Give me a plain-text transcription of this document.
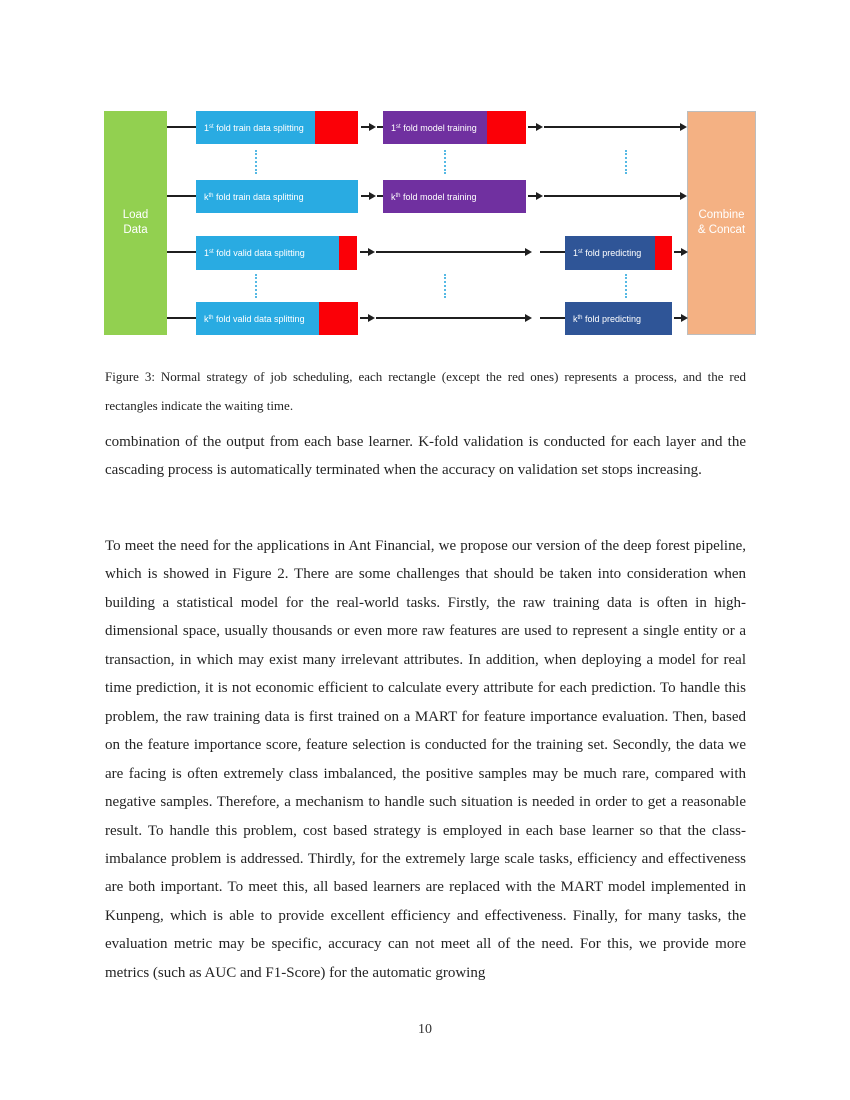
Load
Data
Combine
& Concat
1st fold train data splitting	1st fold model training
$k^{th}$ fold train data splitting	$k^{th}$ fold model training
1st fold valid data splitting	1st fold predicting
$k^{th}$ fold valid data splitting	$k^{th}$ fold predicting
Figure 3: Normal strategy of job scheduling, each rectangle (except the red ones) represents a process, and the red rectangles indicate the waiting time.
combination of the output from each base learner. K-fold validation is conducted for each layer and the cascading process is automatically terminated when the accuracy on validation set stops increasing.
To meet the need for the applications in Ant Financial, we propose our version of the deep forest pipeline, which is showed in Figure 2. There are some challenges that should be taken into consideration when building a statistical model for the real-world tasks. Firstly, the raw training data is often in high-dimensional space, usually thousands or even more raw features are used to represent a single entity or a transaction, in which may exist many irrelevant attributes. In addition, when deploying a model for real time prediction, it is not economic efficient to calculate every attribute for each prediction. To handle this problem, the raw training data is first trained on a MART for feature importance evaluation. Then, based on the feature importance score, feature selection is conducted for the training set. Secondly, the data we are facing is often extremely class imbalanced, the positive samples may be much rare, compared with negative samples. Therefore, a mechanism to handle such situation is needed in order to get a reasonable result. To handle this problem, cost based strategy is employed in each base learner so that the class-imbalance problem is addressed. Thirdly, for the extremely large scale tasks, efficiency and effectiveness are both important. To meet this, all based learners are replaced with the MART model implemented in Kunpeng, which is able to provide excellent efficiency and effectiveness. Finally, for many tasks, the evaluation metric may be specific, accuracy can not meet all of the need. For this, we provide more metrics (such as AUC and F1-Score) for the automatic growing
10
